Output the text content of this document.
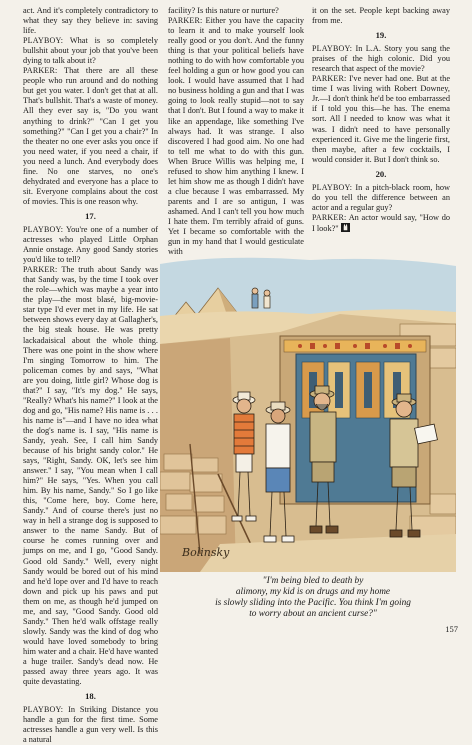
act. And it's completely contradictory to what they say they believe in: saving life.

PLAYBOY: What is so completely bullshit about your job that you've been dying to talk about it?

PARKER: That there are all these people who run around and do nothing but get you water. I don't get that at all. That's bullshit. That's a waste of money. All they ever say is, "Do you want anything to drink?" "Can I get you something?" "Can I get you a chair?" In the theater no one ever asks you once if you need water, if you need a chair, if you need a lunch. And everybody does fine. No one starves, no one's dehydrated and everyone has a place to sit. Everyone complains about the cost of movies. This is one reason why.

17.

PLAYBOY: You're one of a number of actresses who played Little Orphan Annie onstage. Any good Sandy stories you'd like to tell?

PARKER: The truth about Sandy was that Sandy was, by the time I took over the role—which was maybe a year into the play—the most blasé, big-movie-star type I'd ever met in my life. He sat between shows every day at Gallagher's, the big steak house. He was pretty lackadaisical about the whole thing. There was one point in the show where I'm singing Tomorrow to him. The policeman comes by and says, "What are you doing, little girl? Whose dog is that?" I say, "It's my dog." He says, "Really? What's his name?" I look at the dog and go, "His name? His name is . . . his name is"—and I have no idea what the dog's name is. I say, "His name is Sandy, yeah. See, I call him Sandy because of his bright sandy color." He says, "Right, Sandy. OK, let's see him answer." I say, "You mean when I call him?" He says, "Yes. When you call him. By his name, Sandy." So I go like this, "Come here, boy. Come here, Sandy." And of course there's just no way in hell a strange dog is supposed to answer to the name Sandy. But of course he comes running over and jumps on me, and I go, "Good Sandy. Good old Sandy." Well, every night Sandy would be bored out of his mind and he'd lope over and I'd have to reach down and pick up his paws and put them on me, as though he'd jumped on me, and say, "Good Sandy. Good old Sandy." Then he'd walk offstage really slowly. Sandy was the kind of dog who would have loved somebody to bring him water and a chair. He'd have wanted a huge trailer. Sandy's dead now. He passed away three years ago. It was quite devastating.

18.

PLAYBOY: In Striking Distance you handle a gun for the first time. Some actresses handle a gun very well. Is this a natural

facility? Is this nature or nurture?

PARKER: Either you have the capacity to learn it and to make yourself look really good or you don't. And the funny thing is that your political beliefs have nothing to do with how comfortable you feel holding a gun or how good you can look. I would have assumed that I had no business holding a gun and that I was going to look really stupid—not to say that I don't. But I found a way to make it like an appendage, like something I've always had. It was strange. I also discovered I had good aim. No one had to tell me what to do with this gun. When Bruce Willis was helping me, I refused to show him anything I knew. I let him show me as though I didn't have a clue because I was embarrassed. My parents and I are so antigun, I was ashamed. And I can't tell you how much I hate them. I'm terribly afraid of guns. Yet I became so comfortable with the gun in my hand that I would gesticulate with

it on the set. People kept backing away from me.

19.

PLAYBOY: In L.A. Story you sang the praises of the high colonic. Did you research that aspect of the movie?

PARKER: I've never had one. But at the time I was living with Robert Downey, Jr.—I don't think he'd be too embarrassed if I told you this—he has. The enema sort. All I needed to know was what it was. I didn't need to have personally experienced it. Give me the lingerie first, then maybe, after a few cocktails, I would consider it. But I don't think so.

20.

PLAYBOY: In a pitch-black room, how do you tell the difference between an actor and a regular guy?

PARKER: An actor would say, "How do I look?"

Bolinsky
"I'm being bled to death by
alimony, my kid is on drugs and my home
is slowly sliding into the Pacific. You think I'm going
to worry about an ancient curse?"
157
